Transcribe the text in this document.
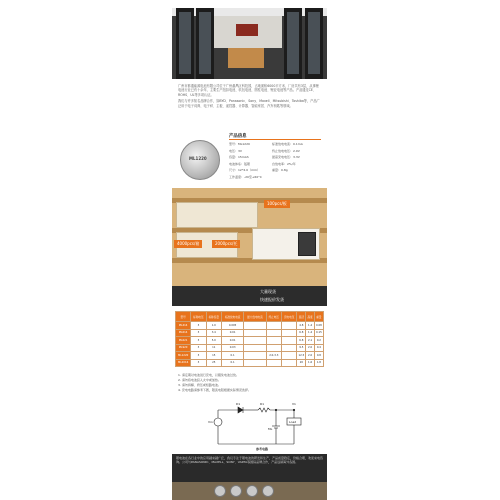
广州市都通能源电池有限公司位于广州番禺区科技园，占地面积6000平方米，厂房共有3层，从事锂电池行业已有十余年，主要生产纽扣电池、软包电池、圆柱电池、锂亚电池等产品。产品通过CE、ROHS、UL等多项认证。
我们与许多知名品牌合作，如BYD、Panasonic、Sony、Maxell、Mitsubishi、Toshiba等，产品广泛用于电子词典、电子秤、主板、遥控器、计算器、智能家居、汽车钥匙等领域。
ML1220
产品信息
型号：ML1220	标准放电电流：0.1mA
电压：3V	终止放电电压：2.0V
容量：15mAh	最高充电电压：3.3V
电池体系：锰锂	自放电率：2%/年
尺寸：12*2.0（mm）	重量：0.8g
工作温度：-20至+60°C
100pcs/板
4000pcs/箱	2000pcs/托
大量现货
快速报价发货
型号	标称电压	标称容量	标准放电电流	最大放电电流	终止电压	充电电压	直径	高度	重量
ML414	3	1.0	0.005				4.8	1.4	0.08
ML614	3	3.4	0.01				6.8	1.4	0.15
ML621	3	5.0	0.01				6.8	2.1	0.2
ML920	3	11	0.03				9.5	2.0	0.4
ML1220	3	15	0.1		2.0-3.3		12.5	2.0	0.8
ML2016	3	25	0.1				20	1.6	1.8
1. 请定期对电池进行充电，以避免电池过放。
2. 请勿将电池投入火中或加热。
3. 请勿拆解、挤压或短路电池。
4. 充电电路请参考下图，限流电阻根据实际情况选择。
D1	R1	V1
Vin
ML
Load
参考电路
锂电池在各行业中的应用越来越广泛，我们专注于锂电池的研发和生产，产品质量稳定，价格合理，欢迎来电咨询。公司与PANASONIC、MAXELL、SONY、VARTA等国际品牌合作，产品远销海外各国。
